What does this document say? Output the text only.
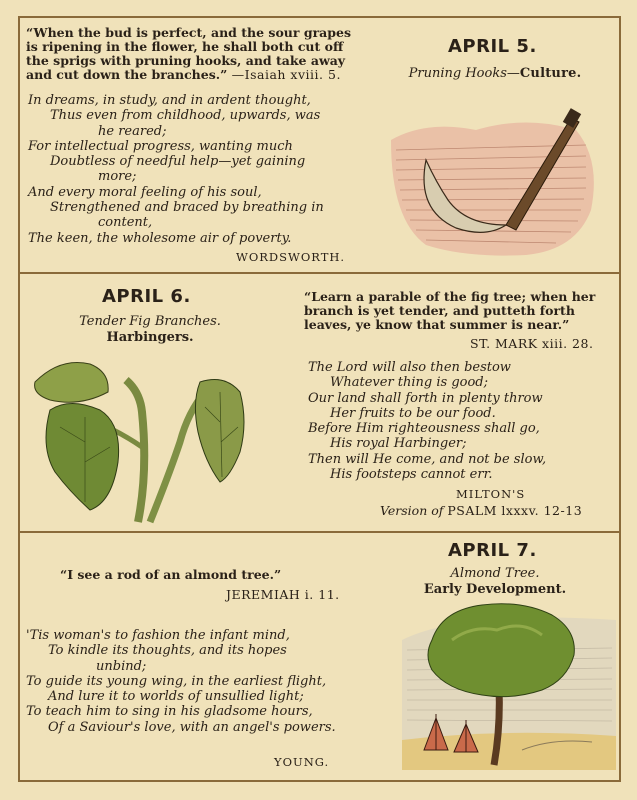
“When the bud is perfect, and the sour grapes is ripening in the flower, he shall both cut off the sprigs with pruning hooks, and take away and cut down the branches.” —Isaiah xviii. 5.
In dreams, in study, and in ardent thought,
Thus even from childhood, upwards, was
he reared;
For intellectual progress, wanting much
Doubtless of needful help—yet gaining
more;
And every moral feeling of his soul,
Strengthened and braced by breathing in
content,
The keen, the wholesome air of poverty.
WORDSWORTH.
APRIL 5.
Pruning Hooks—Culture.
APRIL 6.
Tender Fig Branches.
Harbingers.
“Learn a parable of the fig tree; when her branch is yet tender, and putteth forth leaves, ye know that summer is near.”
ST. MARK xiii. 28.
The Lord will also then bestow
Whatever thing is good;
Our land shall forth in plenty throw
Her fruits to be our food.
Before Him righteousness shall go,
His royal Harbinger;
Then will He come, and not be slow,
His footsteps cannot err.
MILTON'S
Version of PSALM lxxxv. 12-13
APRIL 7.
Almond Tree.
Early Development.
“I see a rod of an almond tree.”
JEREMIAH i. 11.
'Tis woman's to fashion the infant mind,
To kindle its thoughts, and its hopes
unbind;
To guide its young wing, in the earliest flight,
And lure it to worlds of unsullied light;
To teach him to sing in his gladsome hours,
Of a Saviour's love, with an angel's powers.
YOUNG.
